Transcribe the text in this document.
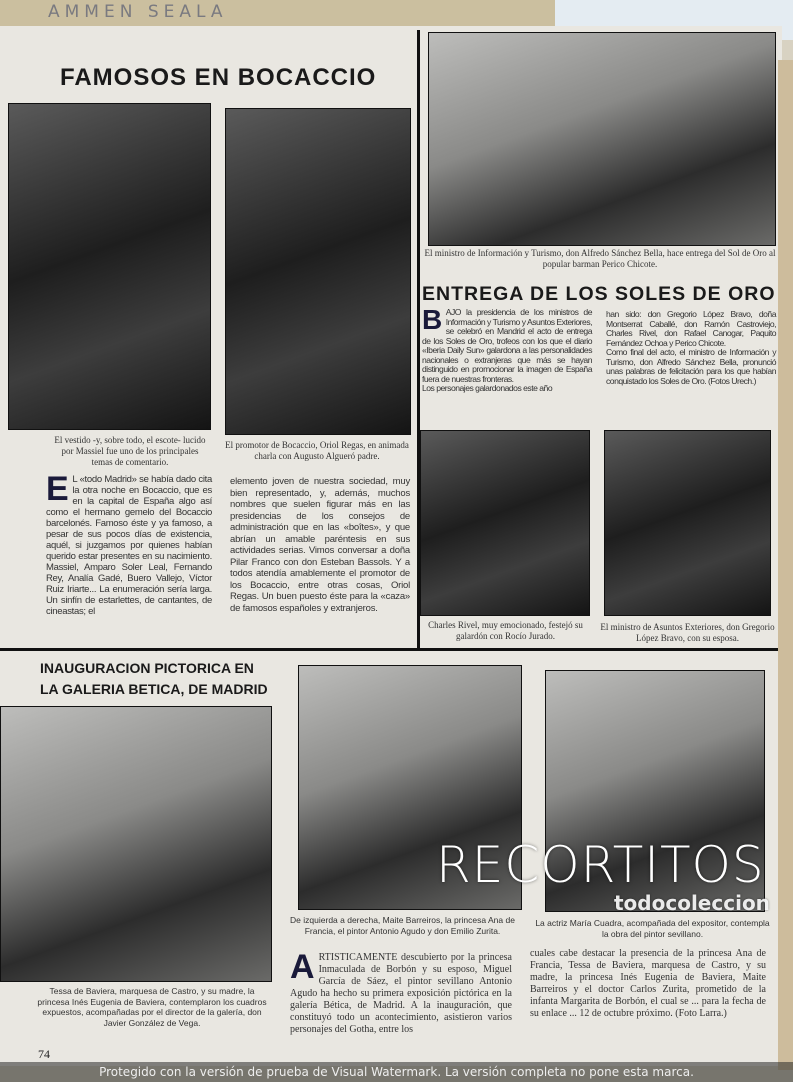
AMMEN SEALA
FAMOSOS EN BOCACCIO
El vestido -y, sobre todo, el escote- lucido por Massiel fue uno de los principales temas de comentario.
El promotor de Bocaccio, Oriol Regas, en animada charla con Augusto Algueró padre.
E L «todo Madrid» se había dado cita la otra noche en Bocaccio, que es en la capital de España algo así como el hermano gemelo del Bocaccio barcelonés. Famoso éste y ya famoso, a pesar de sus pocos días de existencia, aquél, si juzgamos por quienes habían querido estar presentes en su nacimiento. Massiel, Amparo Soler Leal, Fernando Rey, Analía Gadé, Buero Vallejo, Víctor Ruiz Iriarte... La enumeración sería larga. Un sinfín de estarlettes, de cantantes, de cineastas; el
elemento joven de nuestra sociedad, muy bien representado, y, además, muchos nombres que suelen figurar más en las presidencias de los consejos de administración que en las «boîtes», y que abrían un amable paréntesis en sus actividades serias. Vimos conversar a doña Pilar Franco con don Esteban Bassols. Y a todos atendía amablemente el promotor de los Bocaccio, entre otras cosas, Oriol Regas. Un buen puesto éste para la «caza» de famosos españoles y extranjeros.
El ministro de Información y Turismo, don Alfredo Sánchez Bella, hace entrega del Sol de Oro al popular barman Perico Chicote.
ENTREGA DE LOS SOLES DE ORO
BAJO la presidencia de los ministros de Información y Turismo y Asuntos Exteriores, se celebró en Mandrid el acto de entrega de los Soles de Oro, trofeos con los que el diario «Iberia Daily Sun» galardona a las personalidades nacionales o extranjeras que más se hayan distinguido en promocionar la imagen de España fuera de nuestras fronteras.
Los personajes galardonados este año
han sido: don Gregorio López Bravo, doña Montserrat Caballé, don Ramón Castroviejo, Charles Rivel, don Rafael Canogar, Paquito Fernández Ochoa y Perico Chicote.
Como final del acto, el ministro de Información y Turismo, don Alfredo Sánchez Bella, pronunció unas palabras de felicitación para los que habían conquistado los Soles de Oro. (Fotos Urech.)
Charles Rivel, muy emocionado, festejó su galardón con Rocío Jurado.
El ministro de Asuntos Exteriores, don Gregorio López Bravo, con su esposa.
INAUGURACION PICTORICA EN
LA GALERIA BETICA, DE MADRID
Tessa de Baviera, marquesa de Castro, y su madre, la princesa Inés Eugenia de Baviera, contemplaron los cuadros expuestos, acompañadas por el director de la galería, don Javier González de Vega.
De izquierda a derecha, Maite Barreiros, la princesa Ana de Francia, el pintor Antonio Agudo y don Emilio Zurita.
La actriz María Cuadra, acompañada del expositor, contempla la obra del pintor sevillano.
ARTISTICAMENTE descubierto por la princesa Inmaculada de Borbón y su esposo, Miguel García de Sáez, el pintor sevillano Antonio Agudo ha hecho su primera exposición pictórica en la galería Bética, de Madrid. A la inauguración, que constituyó todo un acontecimiento, asistieron varios personajes del Gotha, entre los
cuales cabe destacar la presencia de la princesa Ana de Francia, Tessa de Baviera, marquesa de Castro, y su madre, la princesa Inés Eugenia de Baviera, Maite Barreiros y el doctor Carlos Zurita, prometido de la infanta Margarita de Borbón, el cual se ... para la fecha de su enlace ... 12 de octubre próximo. (Foto Larra.)
74
RECORTITOS
todocoleccion
Protegido con la versión de prueba de Visual Watermark. La versión completa no pone esta marca.
